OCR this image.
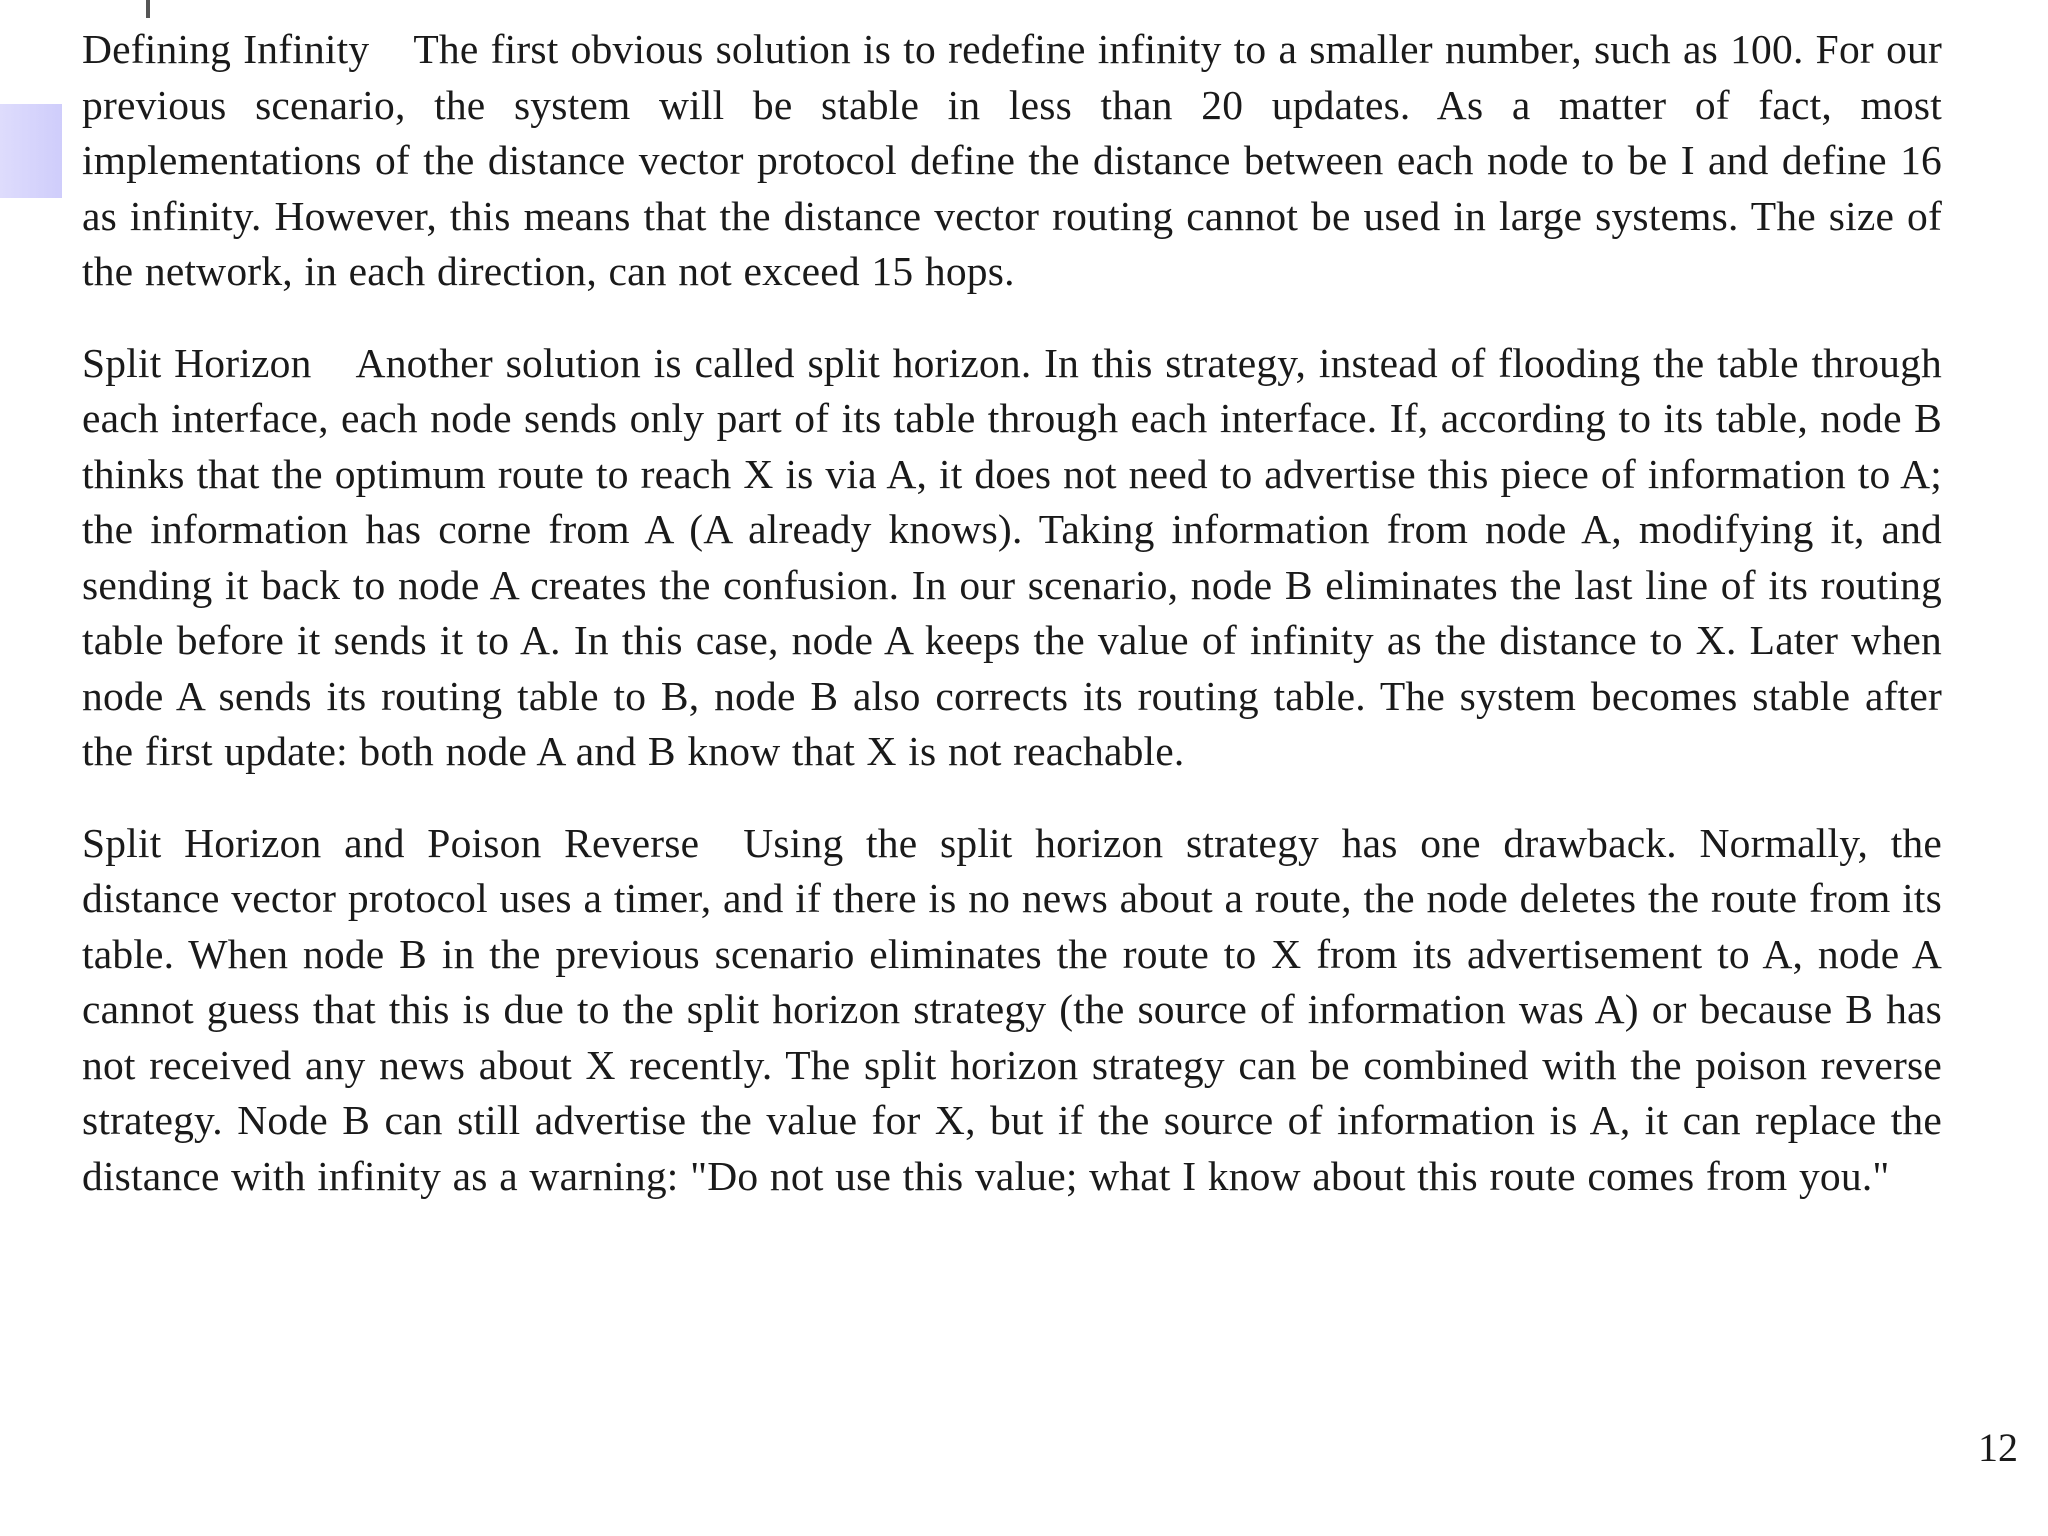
Defining Infinity The first obvious solution is to redefine infinity to a smaller number, such as 100. For our previous scenario, the system will be stable in less than 20 updates. As a matter of fact, most implementations of the distance vector protocol define the distance between each node to be I and define 16 as infinity. However, this means that the distance vector routing cannot be used in large systems. The size of the network, in each direction, can not exceed 15 hops.

Split Horizon Another solution is called split horizon. In this strategy, instead of flooding the table through each interface, each node sends only part of its table through each interface. If, according to its table, node B thinks that the optimum route to reach X is via A, it does not need to advertise this piece of information to A; the information has corne from A (A already knows). Taking information from node A, modifying it, and sending it back to node A creates the confusion. In our scenario, node B eliminates the last line of its routing table before it sends it to A. In this case, node A keeps the value of infinity as the distance to X. Later when node A sends its routing table to B, node B also corrects its routing table. The system becomes stable after the first update: both node A and B know that X is not reachable.

Split Horizon and Poison Reverse Using the split horizon strategy has one drawback. Normally, the distance vector protocol uses a timer, and if there is no news about a route, the node deletes the route from its table. When node B in the previous scenario eliminates the route to X from its advertisement to A, node A cannot guess that this is due to the split horizon strategy (the source of information was A) or because B has not received any news about X recently. The split horizon strategy can be combined with the poison reverse strategy. Node B can still advertise the value for X, but if the source of information is A, it can replace the distance with infinity as a warning: "Do not use this value; what I know about this route comes from you."

12
